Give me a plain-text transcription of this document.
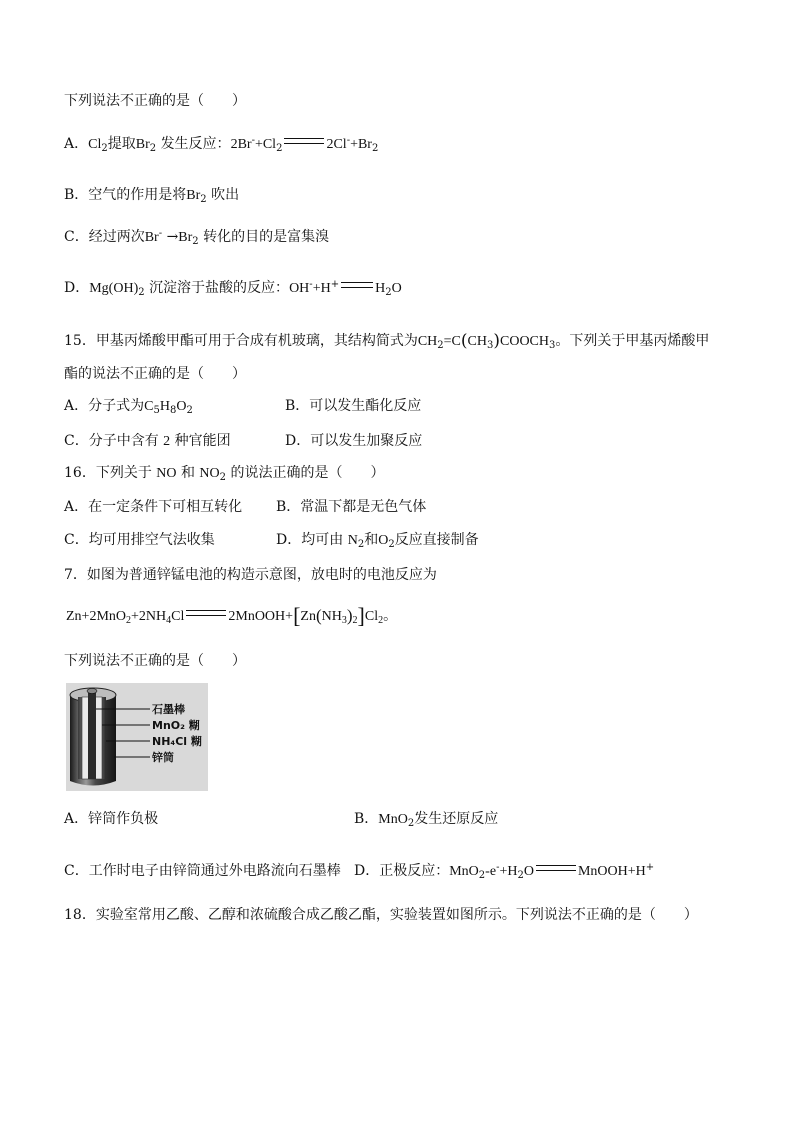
下列说法不正确的是（　　）
A．$Cl_2$提取$Br_2$ 发生反应：$2Br^-+Cl_2$	$2Cl^-+Br_2$
B．空气的作用是将$Br_2$ 吹出
C．经过两次$Br^- \to Br_2$ 转化的目的是富集溴
D．$Mg(OH)_2$ 沉淀溶于盐酸的反应：OH-+H+	$H_2O$
15．甲基丙烯酸甲酯可用于合成有机玻璃，其结构简式为$CH_2=C(CH_3)COOCH_3$。下列关于甲基丙烯酸甲
酯的说法不正确的是（　　）
A．分子式为$C_5H_8O_2$	B．可以发生酯化反应
C．分子中含有 2 种官能团	D．可以发生加聚反应
16．下列关于 NO 和 $NO_2$ 的说法正确的是（　　）
A．在一定条件下可相互转化 B．常温下都是无色气体
C．均可用排空气法收集	D．均可由 $N_2$和$O_2$反应直接制备
7．如图为普通锌锰电池的构造示意图，放电时的电池反应为
$Zn+2MnO_2+2NH_4Cl$	$2MnOOH+[Zn(NH_3)_2]Cl_2$。
下列说法不正确的是（　　）
石墨棒
MnO₂ 糊
NH₄Cl 糊
锌筒
A．锌筒作负极	B．MnO$_2$发生还原反应
C．工作时电子由锌筒通过外电路流向石墨棒 D．正极反应：$MnO_2-e^-+H_2O$	MnOOH+H+
18．实验室常用乙酸、乙醇和浓硫酸合成乙酸乙酯，实验装置如图所示。下列说法不正确的是（　　）
